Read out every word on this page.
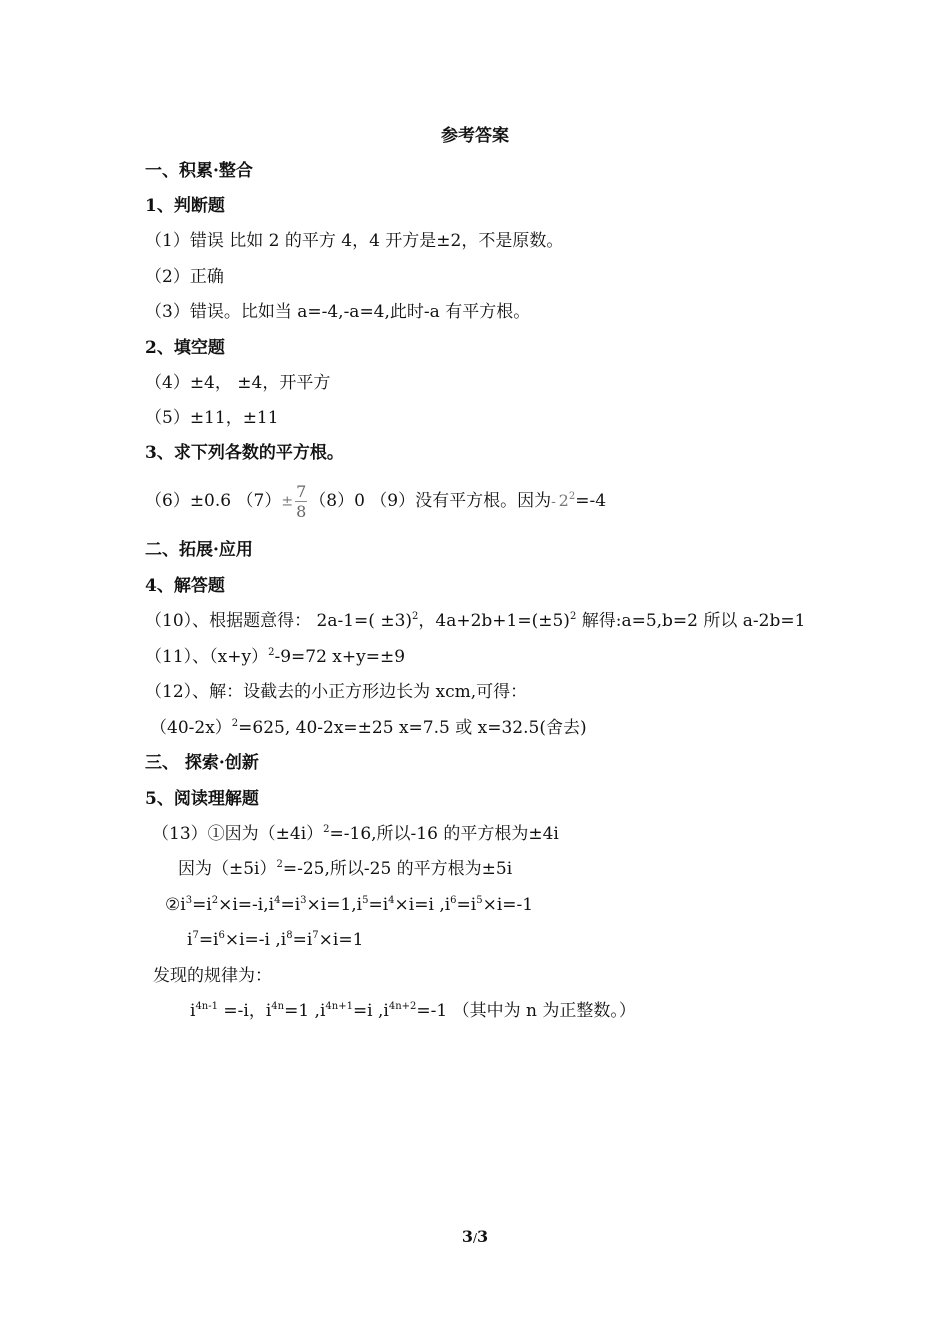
参考答案
一、积累·整合
1、判断题
（1）错误 比如 2 的平方 4，4 开方是±2，不是原数。
（2）正确
（3）错误。比如当 a=-4,-a=4,此时-a 有平方根。
2、填空题
（4）±4， ±4，开平方
（5）±11，±11
3、求下列各数的平方根。
（6）±0.6 $(7)\pm \frac{7}{8} (8)0$ （9）没有平方根。因为-  $2^2=-4$
二、拓展·应用
4、解答题
（10）、根据题意得： $2a-1=( \pm 3)^2$，$4a+2b+1=(\pm 5)^2$ 解得:a=5,b=2 所以 a-2b=1
（11）、$(x+y)^2-9=72$ x+y=±9
（12）、解：设截去的小正方形边长为 xcm,可得：
$(40-2x)^2=625$, 40-2x=±25 x=7.5 或 x=32.5(舍去)
三、 探索·创新
5、阅读理解题
（13）①因为$(\pm 4i)^2=-16$,所以-16 的平方根为±4i
因为$(\pm 5i)^2=-25$,所以-25 的平方根为±5i
$②i^3=i^2\times i=-i,i^4=i^3\times i=1,i^5=i^4\times i=i$ $,i^6=i^5\times i=-1$
$i^7=i^6\times i=-i$ $,i^8=i^7\times i=1$
发现的规律为：
$i^{4n-1} =-i$，$i^{4n}=1$ $,i^{4n+1}=i$ $,i^{4n+2}=-1$ （其中为 n 为正整数。）
3/3
